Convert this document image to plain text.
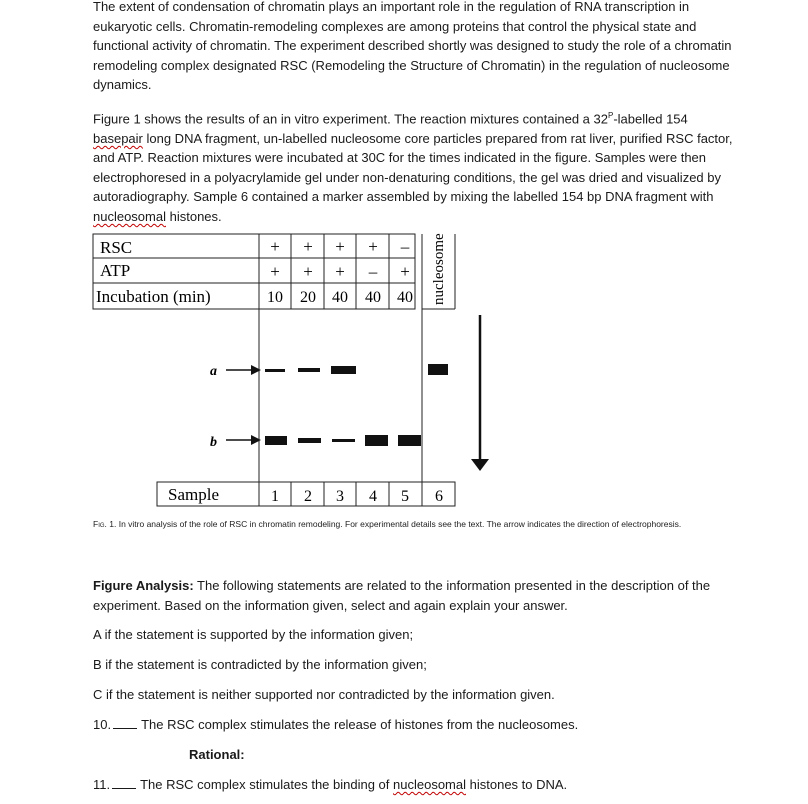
The extent of condensation of chromatin plays an important role in the regulation of RNA transcription in eukaryotic cells. Chromatin-remodeling complexes are among proteins that control the physical state and functional activity of chromatin. The experiment described shortly was designed to study the role of a chromatin remodeling complex designated RSC (Remodeling the Structure of Chromatin) in the regulation of nucleosome dynamics.
Figure 1 shows the results of an in vitro experiment. The reaction mixtures contained a $32^P$-labelled 154 basepair long DNA fragment, un-labelled nucleosome core particles prepared from rat liver, purified RSC factor, and ATP. Reaction mixtures were incubated at 30C for the times indicated in the figure. Samples were then electrophoresed in a polyacrylamide gel under non-denaturing conditions, the gel was dried and visualized by autoradiography. Sample 6 contained a marker assembled by mixing the labelled 154 bp DNA fragment with nucleosomal histones.
RSC
ATP
Incubation (min)
+ + + + –
+ + + – +
10 20 40 40 40 nucleosome
a
b
Sample	1 2 3 4 5 6
Fig. 1. In vitro analysis of the role of RSC in chromatin remodeling. For experimental details see the text. The arrow indicates the direction of electrophoresis.
Figure Analysis: The following statements are related to the information presented in the description of the experiment. Based on the information given, select and again explain your answer.
A if the statement is supported by the information given;
B if the statement is contradicted by the information given;
C if the statement is neither supported nor contradicted by the information given.
10. The RSC complex stimulates the release of histones from the nucleosomes.
Rational:
11. The RSC complex stimulates the binding of nucleosomal histones to DNA.
